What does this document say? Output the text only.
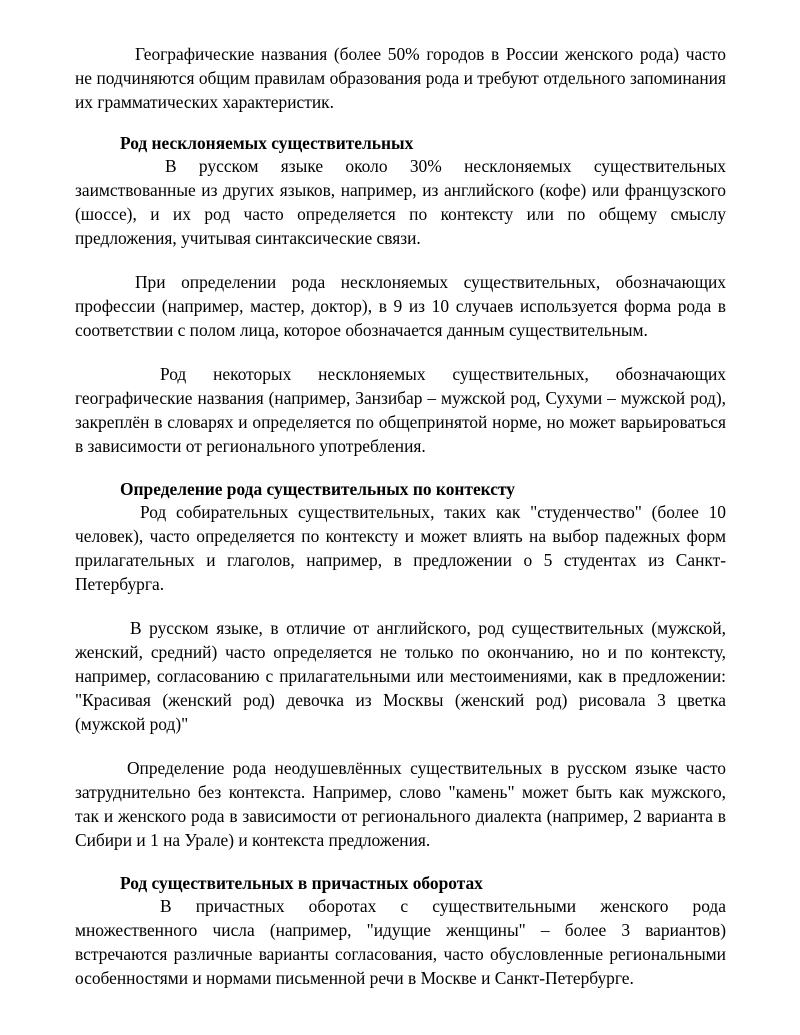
Географические названия (более 50% городов в России женского рода) часто не подчиняются общим правилам образования рода и требуют отдельного запоминания их грамматических характеристик.

Род несклоняемых существительных

В русском языке около 30% несклоняемых существительных заимствованные из других языков, например, из английского (кофе) или французского (шоссе), и их род часто определяется по контексту или по общему смыслу предложения, учитывая синтаксические связи.

При определении рода несклоняемых существительных, обозначающих профессии (например, мастер, доктор), в 9 из 10 случаев используется форма рода в соответствии с полом лица, которое обозначается данным существительным.

Род некоторых несклоняемых существительных, обозначающих географические названия (например, Занзибар – мужской род, Сухуми – мужской род), закреплён в словарях и определяется по общепринятой норме, но может варьироваться в зависимости от регионального употребления.

Определение рода существительных по контексту

Род собирательных существительных, таких как "студенчество" (более 10 человек), часто определяется по контексту и может влиять на выбор падежных форм прилагательных и глаголов, например, в предложении о 5 студентах из Санкт-Петербурга.

В русском языке, в отличие от английского, род существительных (мужской, женский, средний) часто определяется не только по окончанию, но и по контексту, например, согласованию с прилагательными или местоимениями, как в предложении: "Красивая (женский род) девочка из Москвы (женский род) рисовала 3 цветка (мужской род)"

Определение рода неодушевлённых существительных в русском языке часто затруднительно без контекста. Например, слово "камень" может быть как мужского, так и женского рода в зависимости от регионального диалекта (например, 2 варианта в Сибири и 1 на Урале) и контекста предложения.

Род существительных в причастных оборотах

В причастных оборотах с существительными женского рода множественного числа (например, "идущие женщины" – более 3 вариантов) встречаются различные варианты согласования, часто обусловленные региональными особенностями и нормами письменной речи в Москве и Санкт-Петербурге.
